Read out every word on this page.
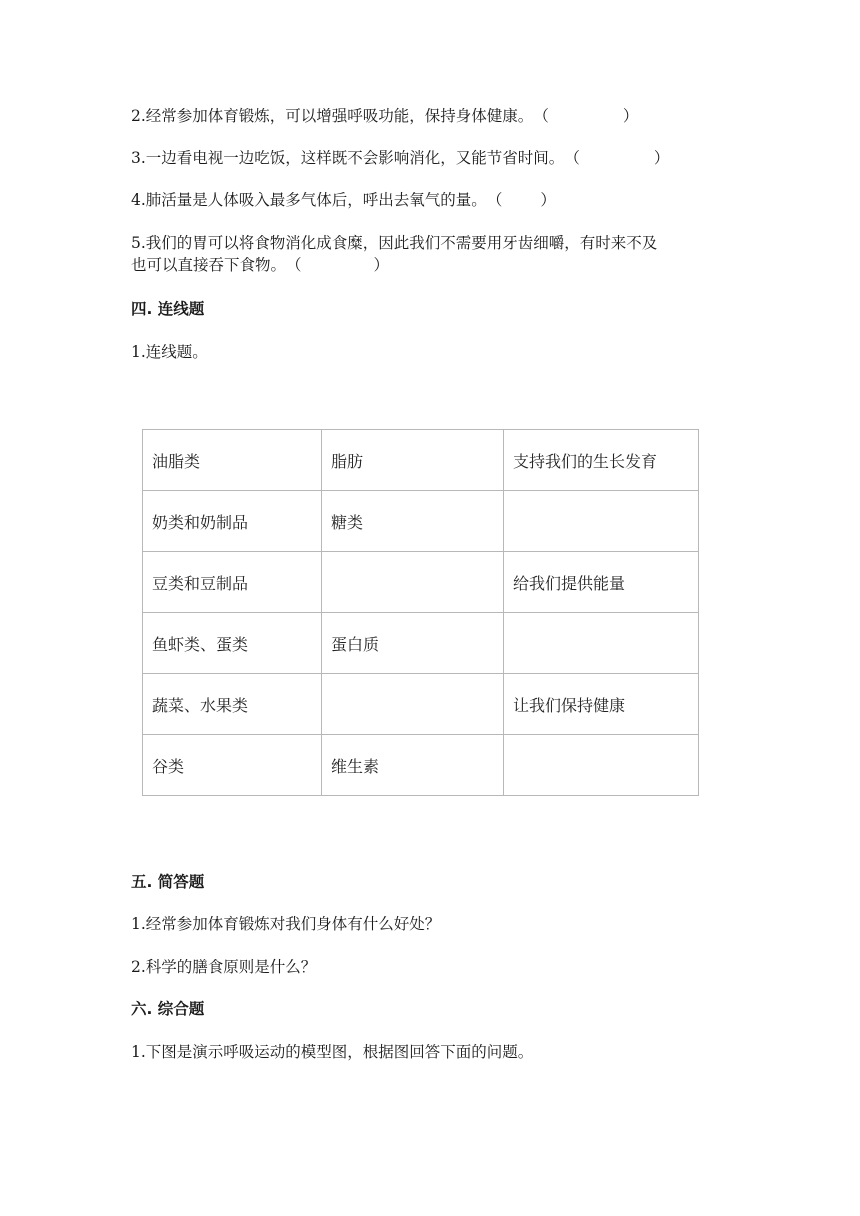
2.经常参加体育锻炼，可以增强呼吸功能，保持身体健康。（	）
3.一边看电视一边吃饭，这样既不会影响消化，又能节省时间。（	）
4.肺活量是人体吸入最多气体后，呼出去氧气的量。（ ）
5.我们的胃可以将食物消化成食糜，因此我们不需要用牙齿细嚼，有时来不及
也可以直接吞下食物。（	）
四. 连线题
1.连线题。
油脂类	脂肪	支持我们的生长发育
奶类和奶制品	糖类	
豆类和豆制品		给我们提供能量
鱼虾类、蛋类	蛋白质	
蔬菜、水果类		让我们保持健康
谷类	维生素	
五. 简答题
1.经常参加体育锻炼对我们身体有什么好处？
2.科学的膳食原则是什么？
六. 综合题
1.下图是演示呼吸运动的模型图，根据图回答下面的问题。
